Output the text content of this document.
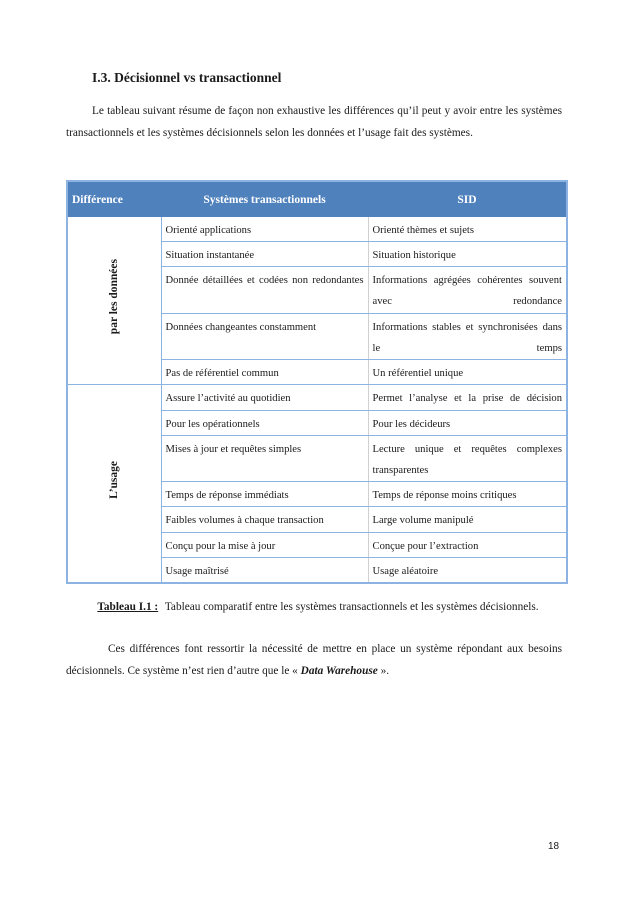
I.3. Décisionnel vs transactionnel

Le tableau suivant résume de façon non exhaustive les différences qu’il peut y avoir entre les systèmes transactionnels et les systèmes décisionnels selon les données et l’usage fait des systèmes.

Différence	Systèmes transactionnels	SID
par les données	Orienté applications	Orienté thèmes et sujets
	Situation instantanée	Situation historique
	Donnée détaillées et codées non redondantes	Informations agrégées cohérentes souvent avec redondance
	Données changeantes constamment	Informations stables et synchronisées dans le temps
	Pas de référentiel commun	Un référentiel unique
L’usage	Assure l’activité au quotidien	Permet l’analyse et la prise de décision
	Pour les opérationnels	Pour les décideurs
	Mises à jour et requêtes simples	Lecture unique et requêtes complexes transparentes
	Temps de réponse immédiats	Temps de réponse moins critiques
	Faibles volumes à chaque transaction	Large volume manipulé
	Conçu pour la mise à jour	Conçue pour l’extraction
	Usage maîtrisé	Usage aléatoire
Tableau I.1 : Tableau comparatif entre les systèmes transactionnels et les systèmes décisionnels.

Ces différences font ressortir la nécessité de mettre en place un système répondant aux besoins décisionnels. Ce système n’est rien d’autre que le « Data Warehouse ».

18
